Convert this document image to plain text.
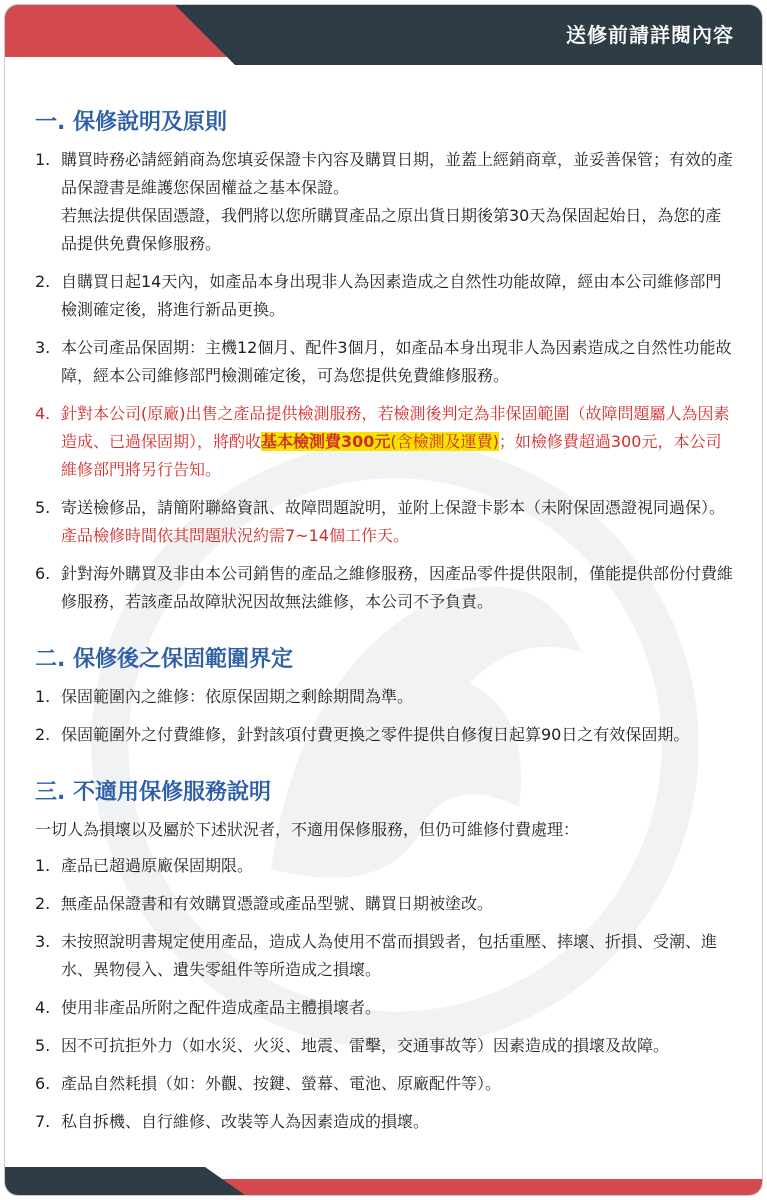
送修前請詳閱內容
一. 保修說明及原則
1. 購買時務必請經銷商為您填妥保證卡內容及購買日期，並蓋上經銷商章，並妥善保管；有效的產品保證書是維護您保固權益之基本保證。

若無法提供保固憑證，我們將以您所購買產品之原出貨日期後第30天為保固起始日，為您的產品提供免費保修服務。

2. 自購買日起14天內，如產品本身出現非人為因素造成之自然性功能故障，經由本公司維修部門檢測確定後，將進行新品更換。

3. 本公司產品保固期：主機12個月、配件3個月，如產品本身出現非人為因素造成之自然性功能故障，經本公司維修部門檢測確定後，可為您提供免費維修服務。

4. 針對本公司(原廠)出售之產品提供檢測服務，若檢測後判定為非保固範圍（故障問題屬人為因素造成、已過保固期），將酌收基本檢測費300元(含檢測及運費)；如檢修費超過300元，本公司維修部門將另行告知。

5. 寄送檢修品，請簡附聯絡資訊、故障問題說明，並附上保證卡影本（未附保固憑證視同過保）。產品檢修時間依其問題狀況約需7~14個工作天。

6. 針對海外購買及非由本公司銷售的產品之維修服務，因產品零件提供限制，僅能提供部份付費維修服務，若該產品故障狀況因故無法維修，本公司不予負責。

二. 保修後之保固範圍界定
1. 保固範圍內之維修：依原保固期之剩餘期間為準。

2. 保固範圍外之付費維修，針對該項付費更換之零件提供自修復日起算90日之有效保固期。

三. 不適用保修服務說明
一切人為損壞以及屬於下述狀況者，不適用保修服務，但仍可維修付費處理：
1. 產品已超過原廠保固期限。

2. 無產品保證書和有效購買憑證或產品型號、購買日期被塗改。

3. 未按照說明書規定使用產品，造成人為使用不當而損毀者，包括重壓、摔壞、折損、受潮、進水、異物侵入、遺失零組件等所造成之損壞。

4. 使用非產品所附之配件造成產品主體損壞者。

5. 因不可抗拒外力（如水災、火災、地震、雷擊，交通事故等）因素造成的損壞及故障。

6. 產品自然耗損（如：外觀、按鍵、螢幕、電池、原廠配件等）。

7. 私自拆機、自行維修、改裝等人為因素造成的損壞。
